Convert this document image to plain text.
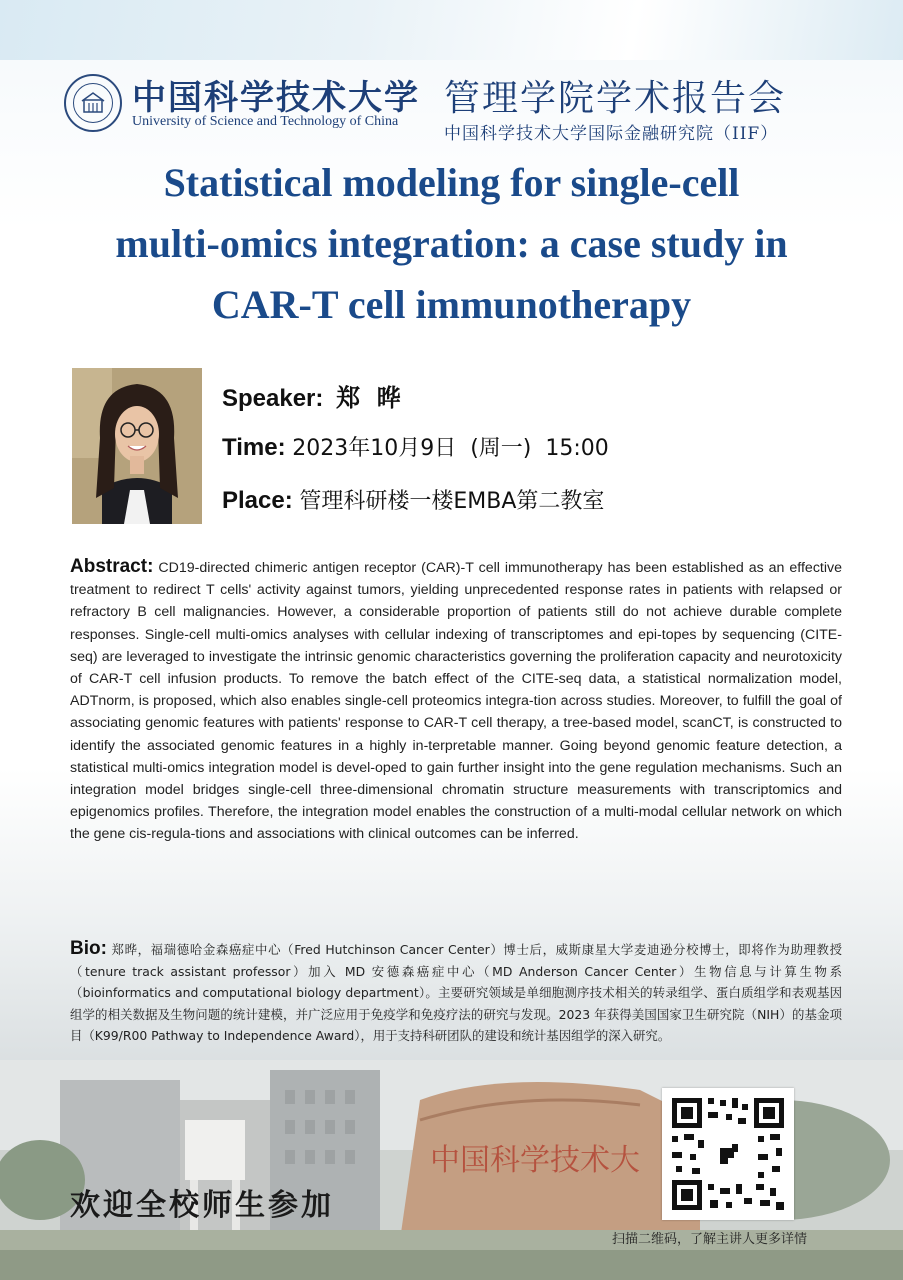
中国科学技术大学
University of Science and Technology of China
管理学院学术报告会
中国科学技术大学国际金融研究院（IIF）
Statistical modeling for single-cell
multi-omics integration: a case study in
CAR-T cell immunotherapy
Speaker: 郑  晔
Time: 2023年10月9日  (周一)  15:00
Place: 管理科研楼一楼EMBA第二教室
Abstract: CD19-directed chimeric antigen receptor (CAR)-T cell immunotherapy has been established as an effective treatment to redirect T cells' activity against tumors, yielding unprecedented response rates in patients with relapsed or refractory B cell malignancies. However, a considerable proportion of patients still do not achieve durable complete responses. Single-cell multi-omics analyses with cellular indexing of transcriptomes and epi-topes by sequencing (CITE-seq) are leveraged to investigate the intrinsic genomic characteristics governing the proliferation capacity and neurotoxicity of CAR-T cell infusion products. To remove the batch effect of the CITE-seq data, a statistical normalization model, ADTnorm, is proposed, which also enables single-cell proteomics integra-tion across studies. Moreover, to fulfill the goal of associating genomic features with patients' response to CAR-T cell therapy, a tree-based model, scanCT, is constructed to identify the associated genomic features in a highly in-terpretable manner. Going beyond genomic feature detection, a statistical multi-omics integration model is devel-oped to gain further insight into the gene regulation mechanisms. Such an integration model bridges single-cell three-dimensional chromatin structure measurements with transcriptomics and epigenomics profiles. Therefore, the integration model enables the construction of a multi-modal cellular network on which the gene cis-regula-tions and associations with clinical outcomes can be inferred.
Bio: 郑晔，福瑞德哈金森癌症中心（Fred Hutchinson Cancer Center）博士后，威斯康星大学麦迪逊分校博士，即将作为助理教授（tenure track assistant professor）加入 MD 安德森癌症中心（MD Anderson Cancer Center）生物信息与计算生物系（bioinformatics and computational biology department）。主要研究领域是单细胞测序技术相关的转录组学、蛋白质组学和表观基因组学的相关数据及生物问题的统计建模，并广泛应用于免疫学和免疫疗法的研究与发现。2023 年获得美国国家卫生研究院（NIH）的基金项目（K99/R00 Pathway to Independence Award），用于支持科研团队的建设和统计基因组学的深入研究。
中国科学技术大
欢迎全校师生参加
扫描二维码，了解主讲人更多详情
